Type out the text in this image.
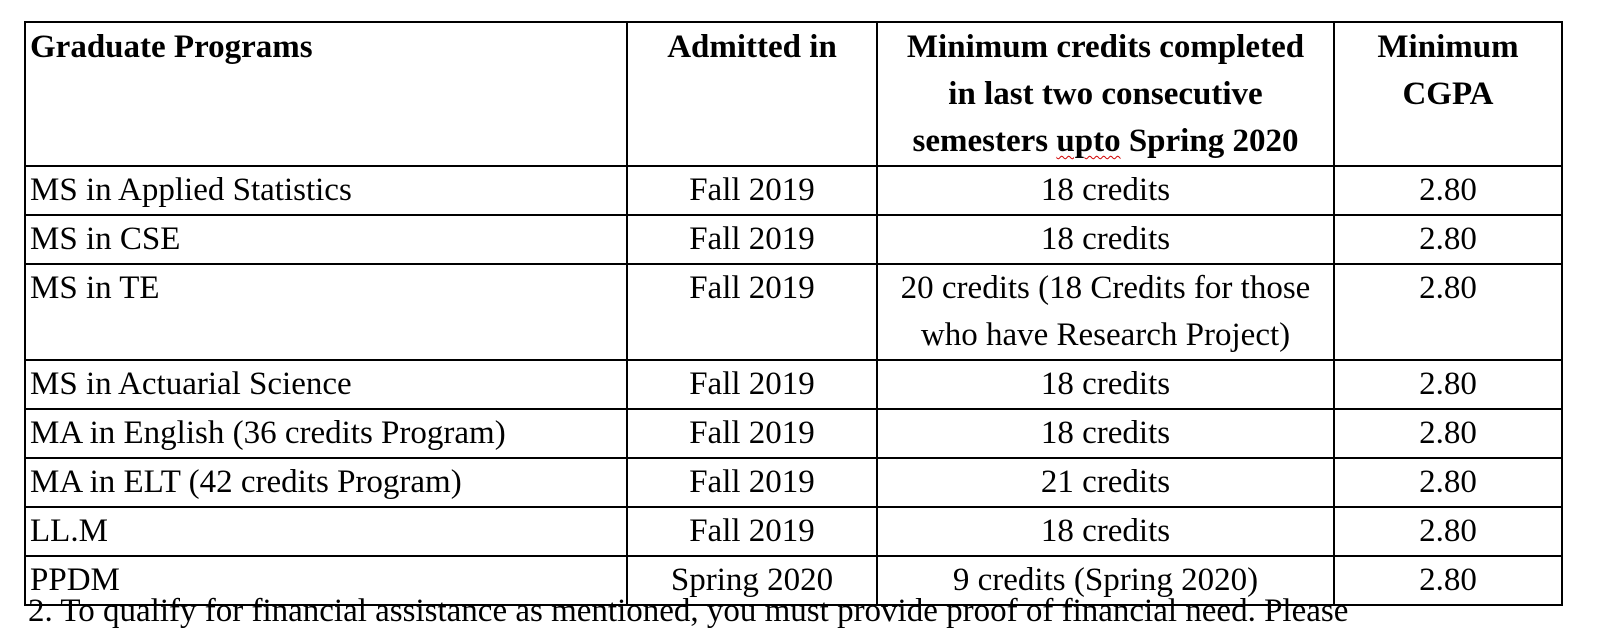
Graduate Programs	Admitted in	Minimum credits completed
in last two consecutive
semesters upto Spring 2020	Minimum
CGPA
MS in Applied Statistics	Fall 2019	18 credits	2.80
MS in CSE	Fall 2019	18 credits	2.80
MS in TE	Fall 2019	20 credits (18 Credits for those
who have Research Project)	2.80
MS in Actuarial Science	Fall 2019	18 credits	2.80
MA in English (36 credits Program)	Fall 2019	18 credits	2.80
MA in ELT (42 credits Program)	Fall 2019	21 credits	2.80
LL.M	Fall 2019	18 credits	2.80
PPDM	Spring 2020	9 credits (Spring 2020)	2.80
2. To qualify for financial assistance as mentioned, you must provide proof of financial need. Please
